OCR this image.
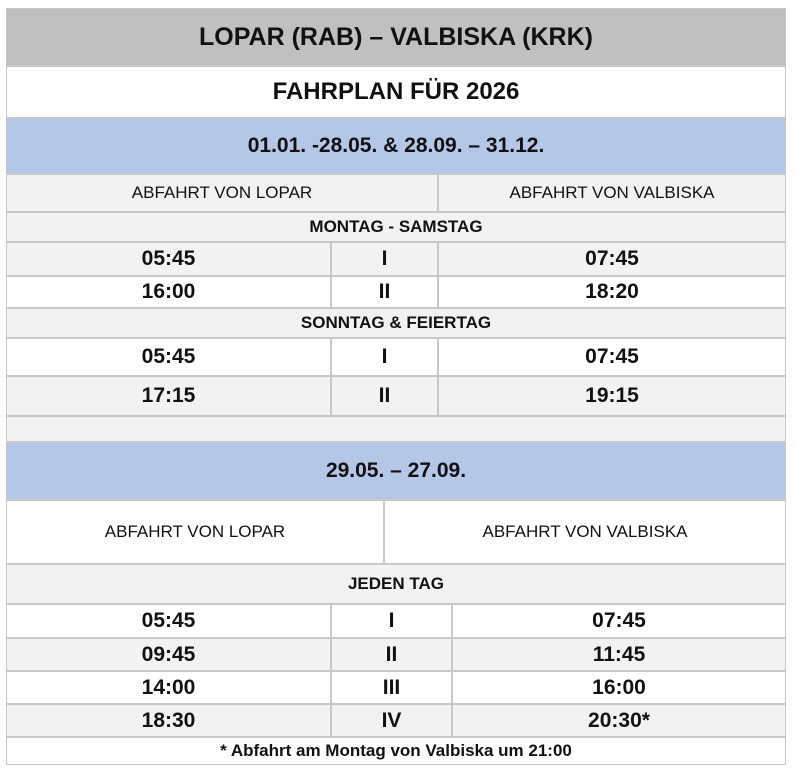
LOPAR (RAB) – VALBISKA (KRK)
FAHRPLAN FÜR 2026
01.01. -28.05. & 28.09. – 31.12.
ABFAHRT VON LOPAR	ABFAHRT VON VALBISKA
MONTAG - SAMSTAG
05:45	I	07:45
16:00	II	18:20
SONNTAG & FEIERTAG
05:45	I	07:45
17:15	II	19:15
29.05. – 27.09.
ABFAHRT VON LOPAR	ABFAHRT VON VALBISKA
JEDEN TAG
05:45	I	07:45
09:45	II	11:45
14:00	III	16:00
18:30	IV	20:30*
* Abfahrt am Montag von Valbiska um 21:00
